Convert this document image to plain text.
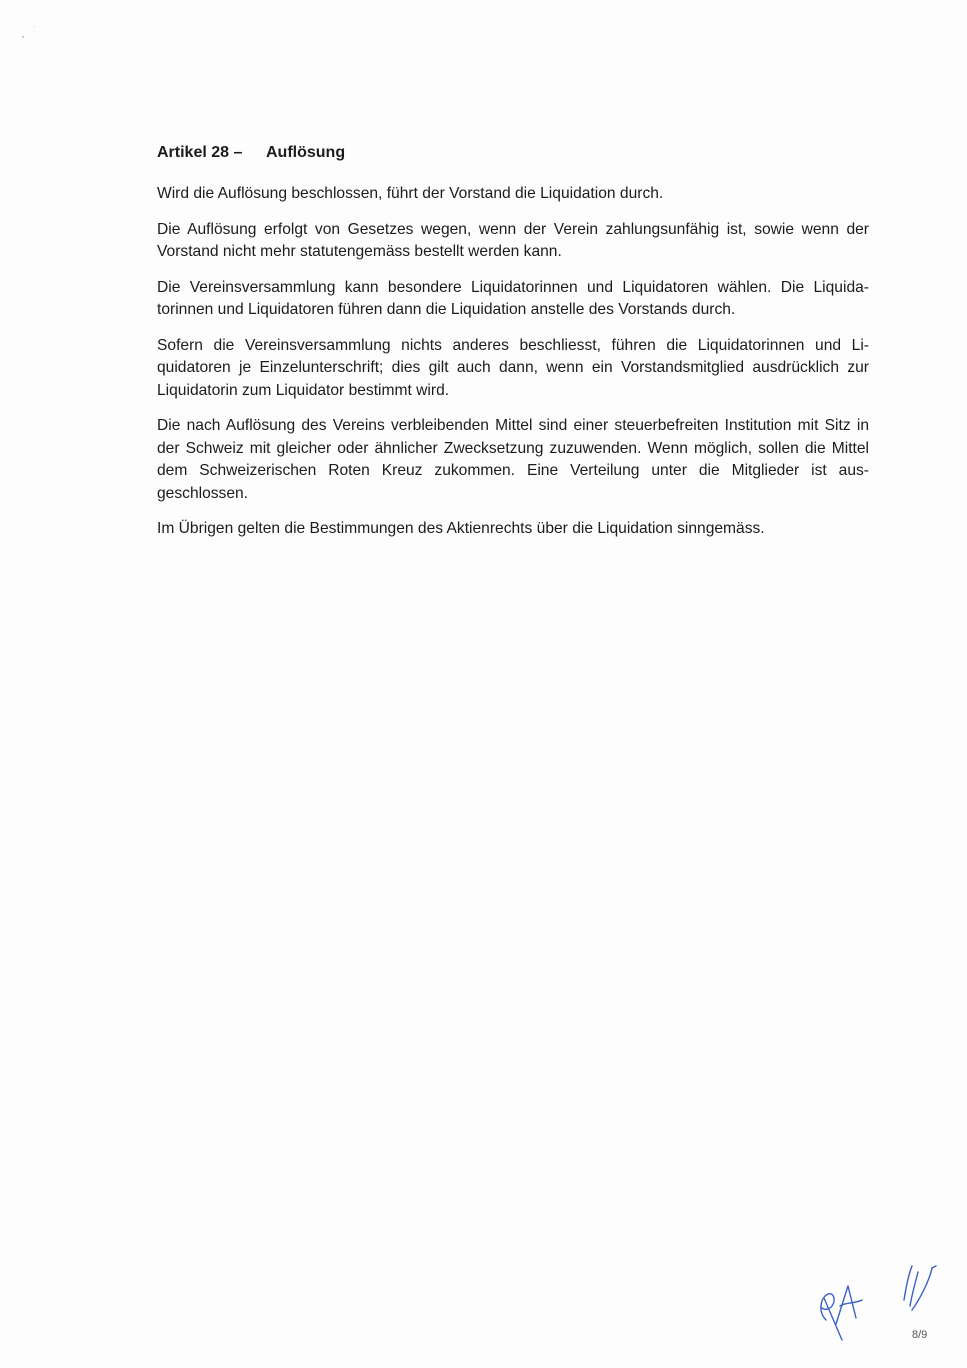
Artikel 28 –	Auflösung

Wird die Auflösung beschlossen, führt der Vorstand die Liquidation durch.

Die Auflösung erfolgt von Gesetzes wegen, wenn der Verein zahlungsunfähig ist, sowie wenn der Vorstand nicht mehr statutengemäss bestellt werden kann.

Die Vereinsversammlung kann besondere Liquidatorinnen und Liquidatoren wählen. Die Liquidatorinnen und Liquidatoren führen dann die Liquidation anstelle des Vorstands durch.

Sofern die Vereinsversammlung nichts anderes beschliesst, führen die Liquidatorinnen und Liquidatoren je Einzelunterschrift; dies gilt auch dann, wenn ein Vorstandsmitglied ausdrücklich zur Liquidatorin zum Liquidator bestimmt wird.

Die nach Auflösung des Vereins verbleibenden Mittel sind einer steuerbefreiten Institution mit Sitz in der Schweiz mit gleicher oder ähnlicher Zwecksetzung zuzuwenden. Wenn möglich, sollen die Mittel dem Schweizerischen Roten Kreuz zukommen. Eine Verteilung unter die Mitglieder ist ausgeschlossen.

Im Übrigen gelten die Bestimmungen des Aktienrechts über die Liquidation sinngemäss.

8/9
